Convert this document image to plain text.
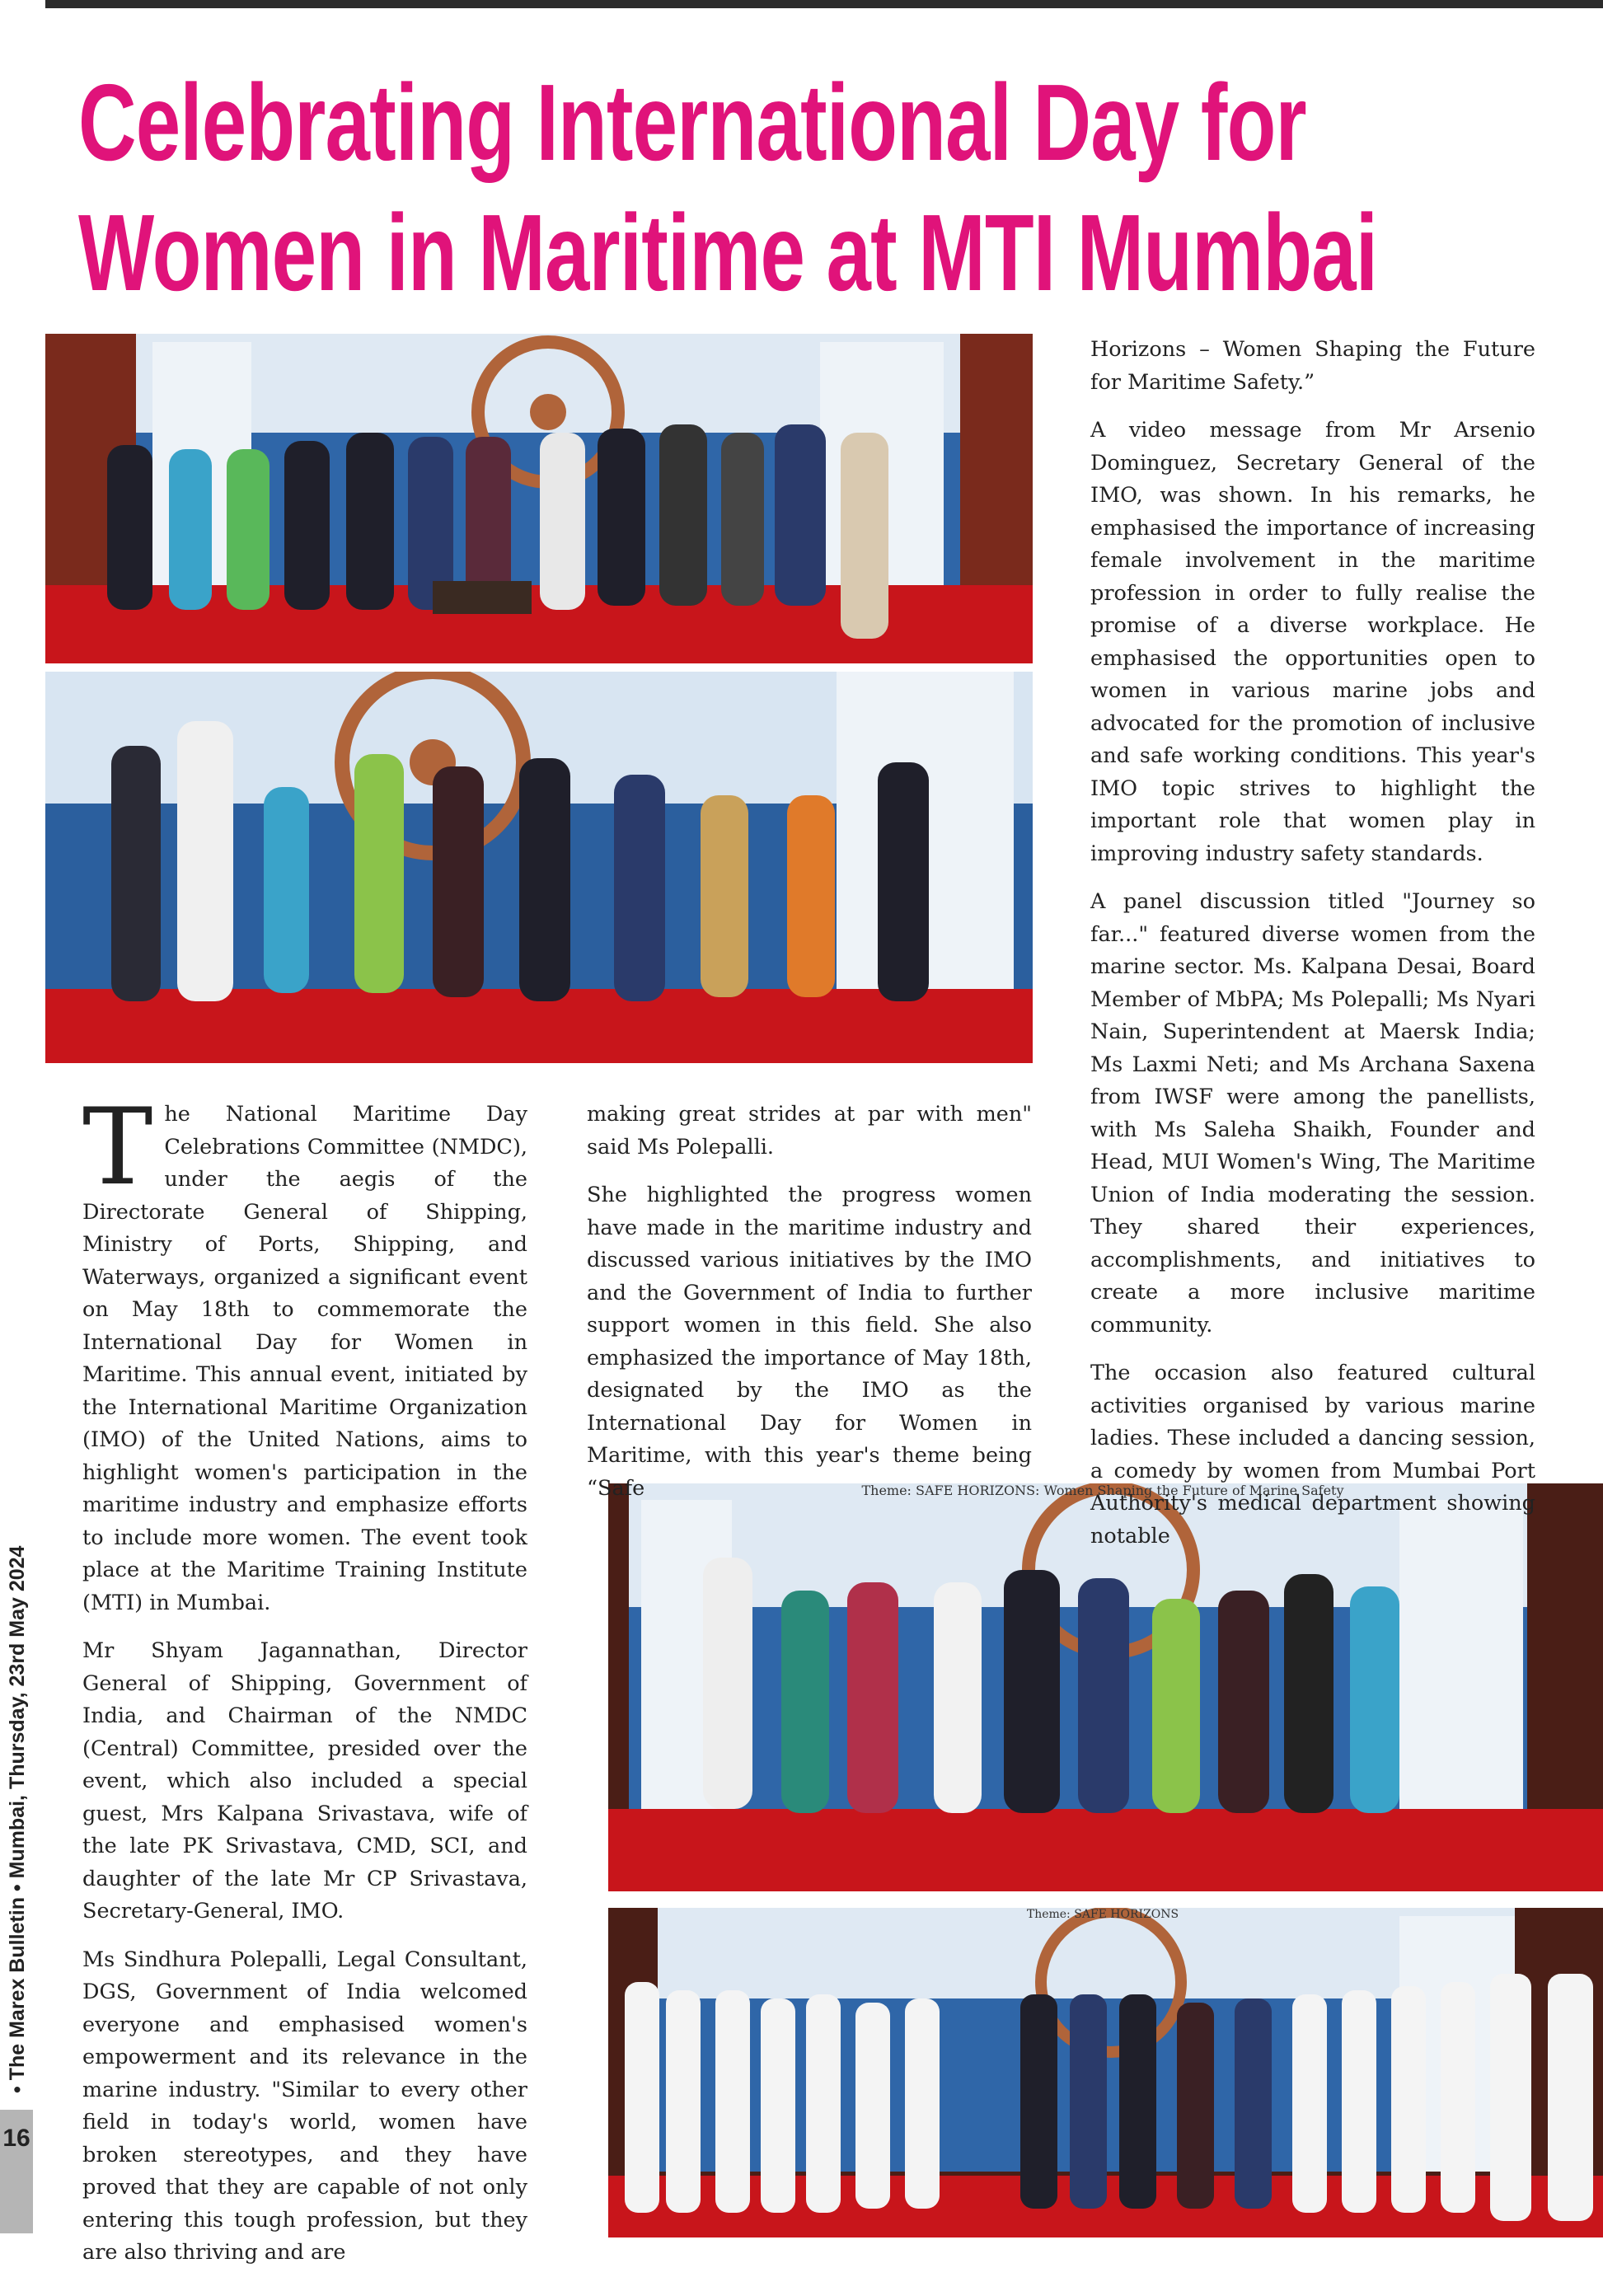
Celebrating International Day for
Women in Maritime at MTI Mumbai
Theme: SAFE HORIZONS: Women Shaping the Future of Marine Safety
Theme: SAFE HORIZONS

The National Maritime Day Celebrations Committee (NMDC), under the aegis of the Directorate General of Shipping, Ministry of Ports, Shipping, and Waterways, organized a significant event on May 18th to commemorate the International Day for Women in Maritime. This annual event, initiated by the International Maritime Organization (IMO) of the United Nations, aims to highlight women's participation in the maritime industry and emphasize efforts to include more women. The event took place at the Maritime Training Institute (MTI) in Mumbai.

Mr Shyam Jagannathan, Director General of Shipping, Government of India, and Chairman of the NMDC (Central) Committee, presided over the event, which also included a special guest, Mrs Kalpana Srivastava, wife of the late PK Srivastava, CMD, SCI, and daughter of the late Mr CP Srivastava, Secretary-General, IMO.

Ms Sindhura Polepalli, Legal Consultant, DGS, Government of India welcomed everyone and emphasised women's empowerment and its relevance in the marine industry. "Similar to every other field in today's world, women have broken stereotypes, and they have proved that they are capable of not only entering this tough profession, but they are also thriving and are

making great strides at par with men" said Ms Polepalli.

She highlighted the progress women have made in the maritime industry and discussed various initiatives by the IMO and the Government of India to further support women in this field. She also emphasized the importance of May 18th, designated by the IMO as the International Day for Women in Maritime, with this year's theme being “Safe

Horizons – Women Shaping the Future for Maritime Safety.”

A video message from Mr Arsenio Dominguez, Secretary General of the IMO, was shown. In his remarks, he emphasised the importance of increasing female involvement in the maritime profession in order to fully realise the promise of a diverse workplace. He emphasised the opportunities open to women in various marine jobs and advocated for the promotion of inclusive and safe working conditions. This year's IMO topic strives to highlight the important role that women play in improving industry safety standards.

A panel discussion titled "Journey so far..." featured diverse women from the marine sector. Ms. Kalpana Desai, Board Member of MbPA; Ms Polepalli; Ms Nyari Nain, Superintendent at Maersk India; Ms Laxmi Neti; and Ms Archana Saxena from IWSF were among the panellists, with Ms Saleha Shaikh, Founder and Head, MUI Women's Wing, The Maritime Union of India moderating the session. They shared their experiences, accomplishments, and initiatives to create a more inclusive maritime community.

The occasion also featured cultural activities organised by various marine ladies. These included a dancing session, a comedy by women from Mumbai Port Authority's medical department showing notable

• The Marex Bulletin • Mumbai, Thursday, 23rd May 2024
16
